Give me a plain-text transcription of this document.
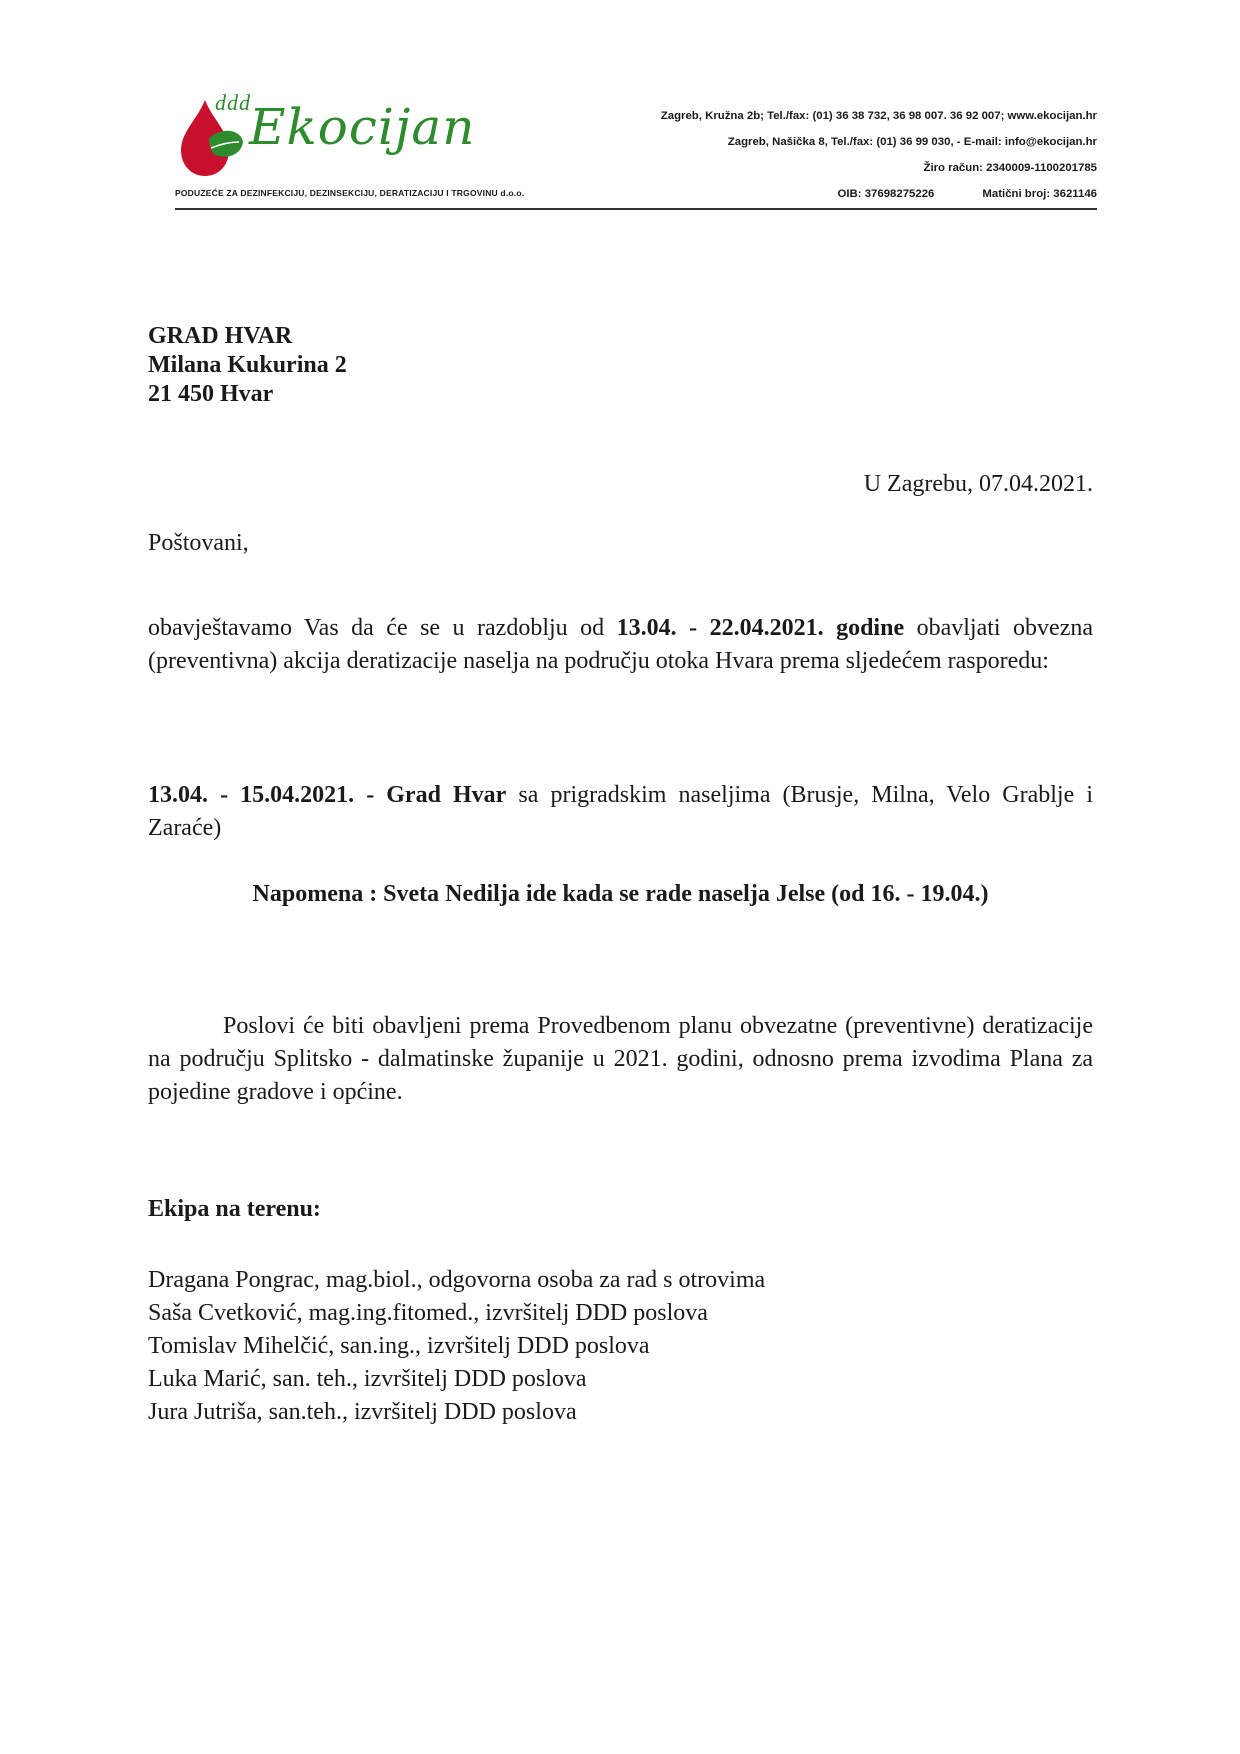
ddd
Ekocijan
PODUZEĆE ZA DEZINFEKCIJU, DEZINSEKCIJU, DERATIZACIJU I TRGOVINU d.o.o.
Zagreb, Kružna 2b; Tel./fax: (01) 36 38 732, 36 98 007. 36 92 007; www.ekocijan.hr
Zagreb, Našička 8, Tel./fax: (01) 36 99 030, - E-mail: info@ekocijan.hr
Žiro račun: 2340009-1100201785
OIB: 37698275226	Matični broj: 3621146
GRAD HVAR
Milana Kukurina 2
21 450 Hvar
U Zagrebu, 07.04.2021.
Poštovani,
obavještavamo Vas da će se u razdoblju od 13.04. - 22.04.2021. godine obavljati obvezna (preventivna) akcija deratizacije naselja na području otoka Hvara prema sljedećem rasporedu:
13.04. - 15.04.2021. - Grad Hvar sa prigradskim naseljima (Brusje, Milna, Velo Grablje i Zaraće)
Napomena : Sveta Nedilja ide kada se rade naselja Jelse (od 16. - 19.04.)
Poslovi će biti obavljeni prema Provedbenom planu obvezatne (preventivne) deratizacije na području Splitsko - dalmatinske županije u 2021. godini, odnosno prema izvodima Plana za pojedine gradove i općine.
Ekipa na terenu:
Dragana Pongrac, mag.biol., odgovorna osoba za rad s otrovima
Saša Cvetković, mag.ing.fitomed., izvršitelj DDD poslova
Tomislav Mihelčić, san.ing., izvršitelj DDD poslova
Luka Marić, san. teh., izvršitelj DDD poslova
Jura Jutriša, san.teh., izvršitelj DDD poslova
